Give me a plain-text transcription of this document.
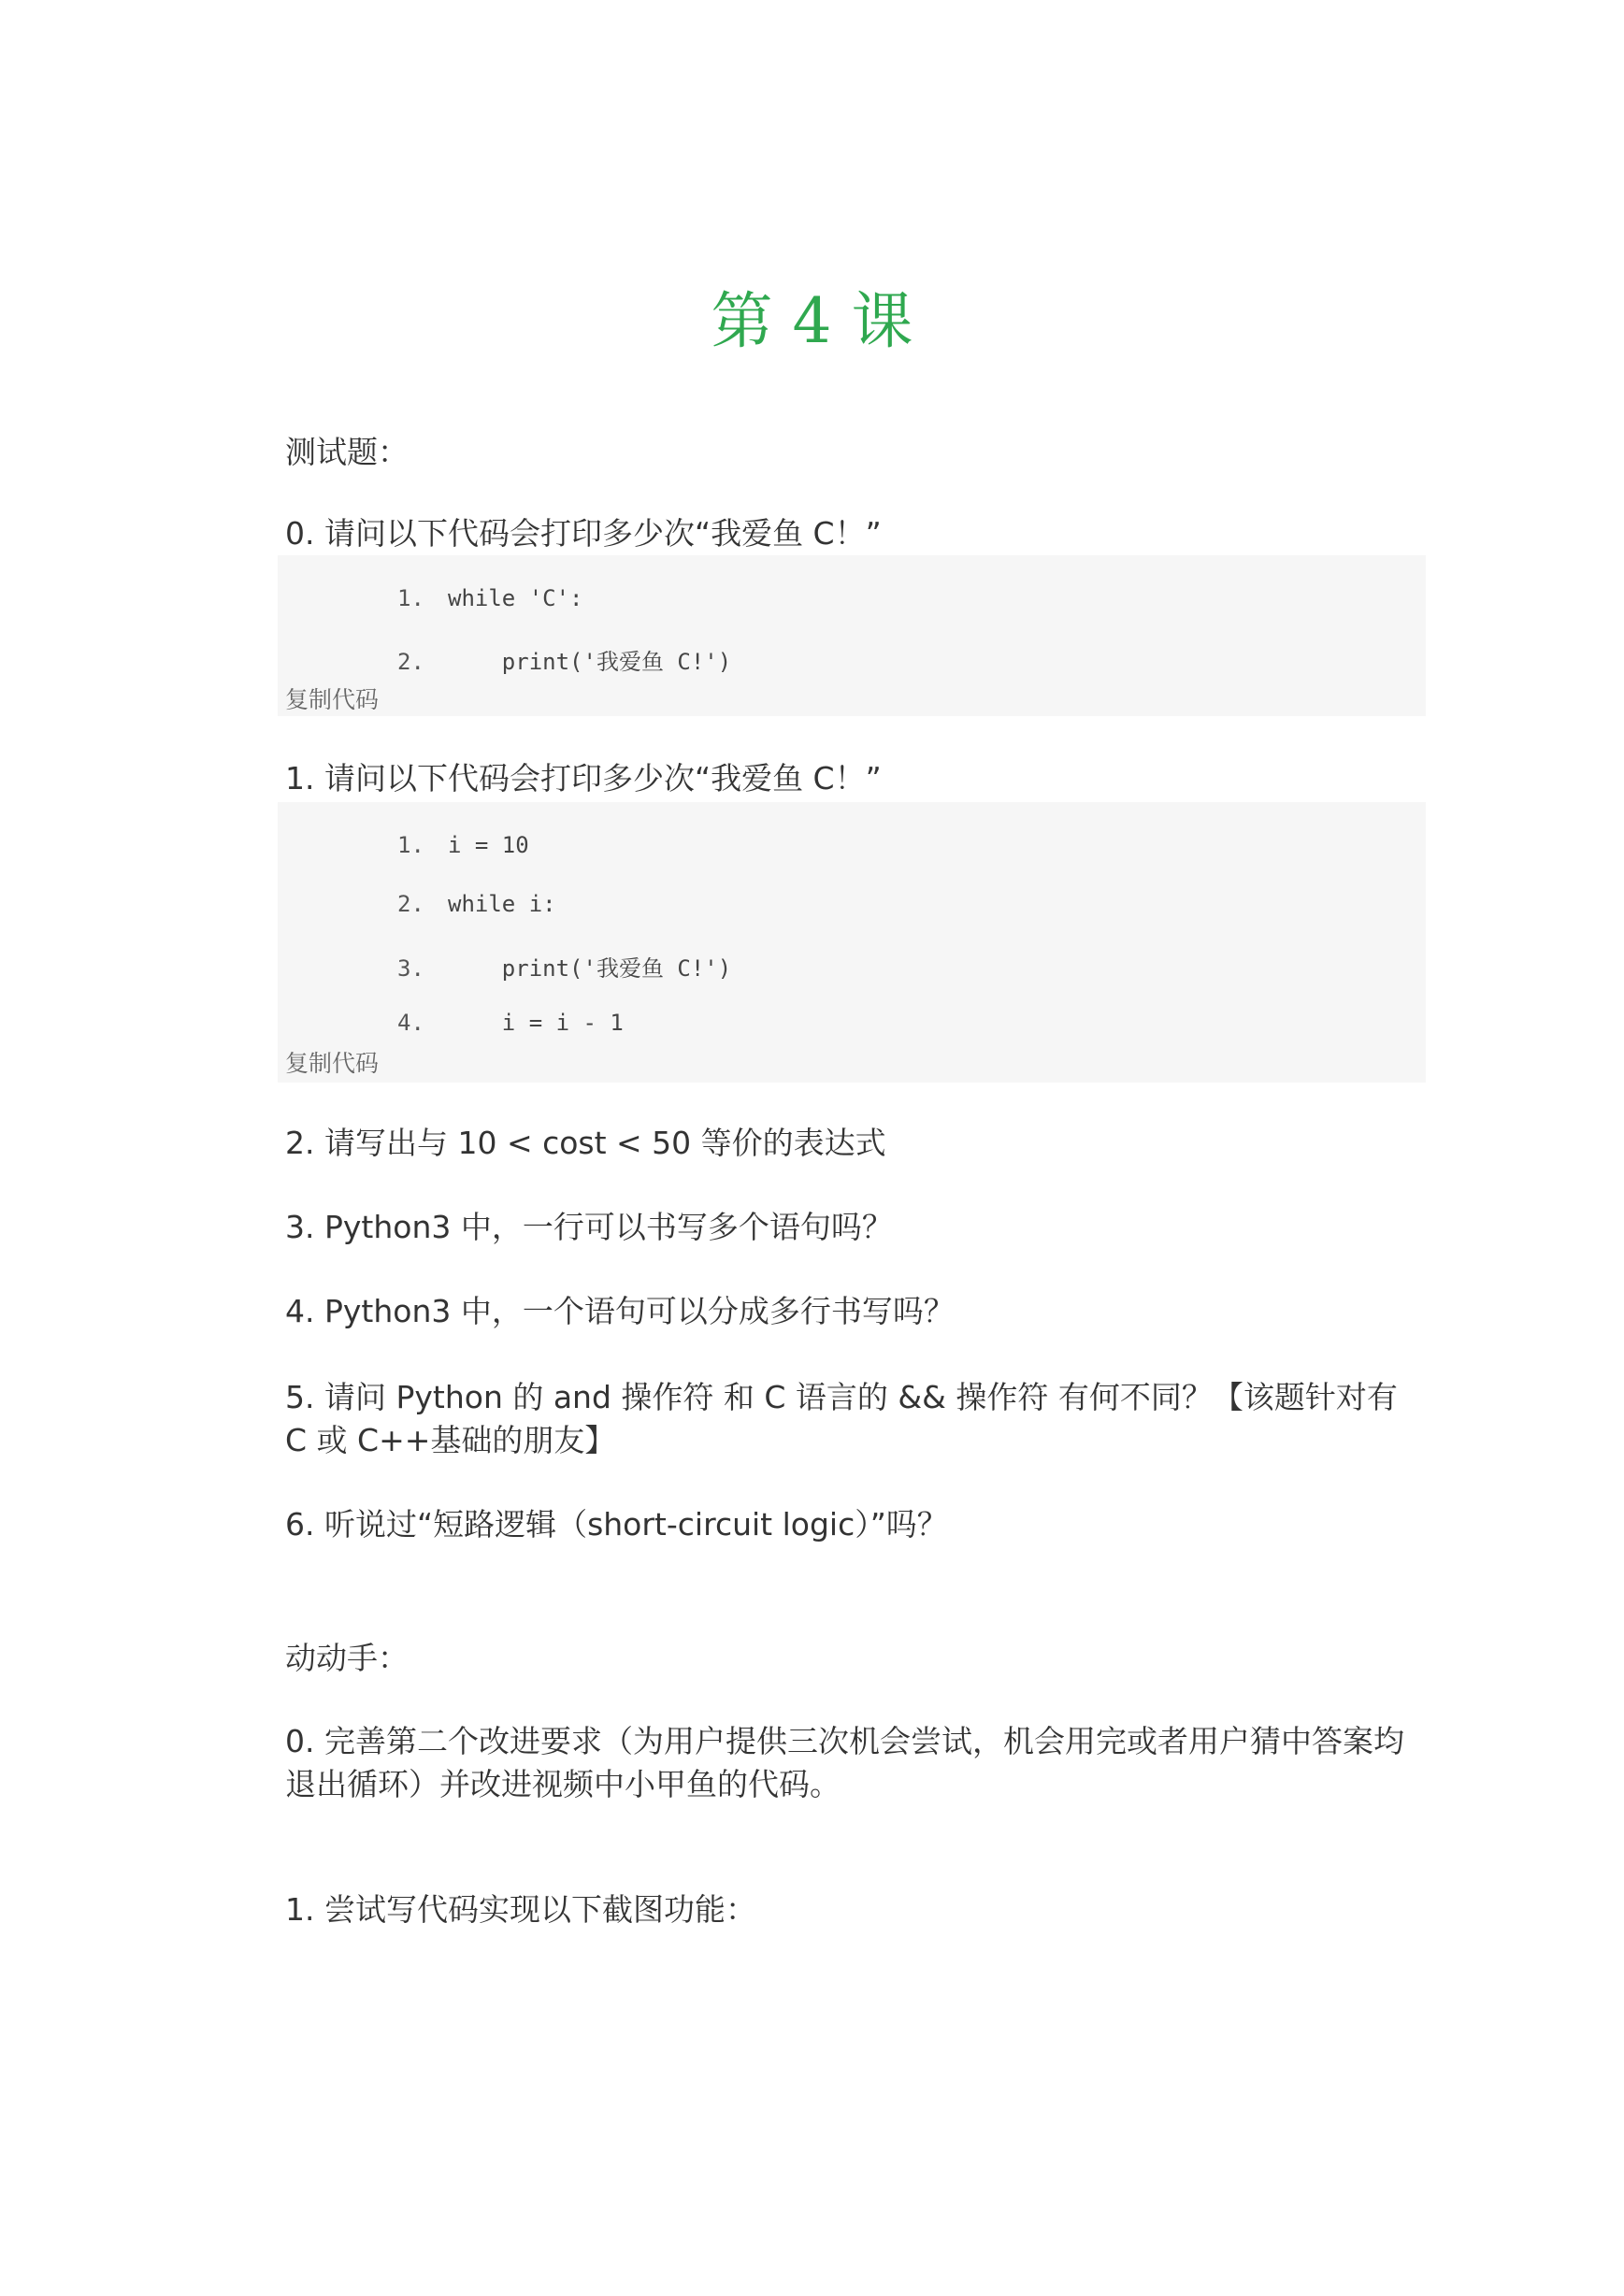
第 4 课
测试题：
0. 请问以下代码会打印多少次“我爱鱼 C！”
1. while 'C':
2.    print('我爱鱼 C!')
复制代码
1. 请问以下代码会打印多少次“我爱鱼 C！”
1. i = 10
2. while i:
3.    print('我爱鱼 C!')
4.    i = i - 1
复制代码
2. 请写出与 10 < cost < 50 等价的表达式
3. Python3 中，一行可以书写多个语句吗？
4. Python3 中，一个语句可以分成多行书写吗？
5. 请问 Python 的 and 操作符 和 C 语言的 && 操作符 有何不同？【该题针对有 C 或 C++基础的朋友】
6. 听说过“短路逻辑（short-circuit logic）”吗？
动动手：
0. 完善第二个改进要求（为用户提供三次机会尝试，机会用完或者用户猜中答案均退出循环）并改进视频中小甲鱼的代码。
1. 尝试写代码实现以下截图功能：
